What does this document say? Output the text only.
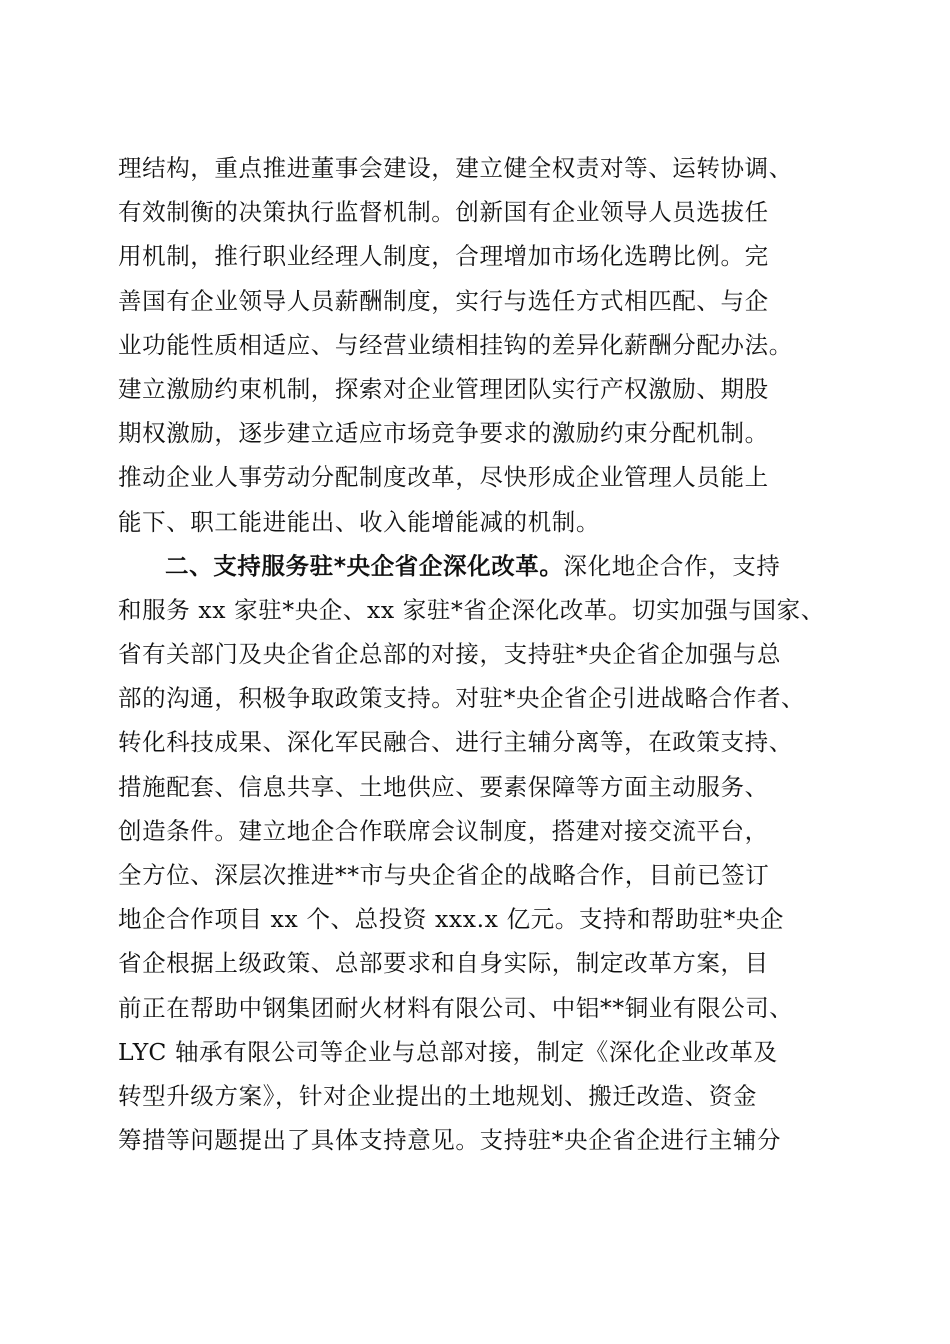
理结构，重点推进董事会建设，建立健全权责对等、运转协调、
有效制衡的决策执行监督机制。创新国有企业领导人员选拔任
用机制，推行职业经理人制度，合理增加市场化选聘比例。完
善国有企业领导人员薪酬制度，实行与选任方式相匹配、与企
业功能性质相适应、与经营业绩相挂钩的差异化薪酬分配办法。
建立激励约束机制，探索对企业管理团队实行产权激励、期股
期权激励，逐步建立适应市场竞争要求的激励约束分配机制。
推动企业人事劳动分配制度改革，尽快形成企业管理人员能上
能下、职工能进能出、收入能增能减的机制。
二、支持服务驻*央企省企深化改革。深化地企合作，支持
和服务 xx 家驻*央企、xx 家驻*省企深化改革。切实加强与国家、
省有关部门及央企省企总部的对接，支持驻*央企省企加强与总
部的沟通，积极争取政策支持。对驻*央企省企引进战略合作者、
转化科技成果、深化军民融合、进行主辅分离等，在政策支持、
措施配套、信息共享、土地供应、要素保障等方面主动服务、
创造条件。建立地企合作联席会议制度，搭建对接交流平台，
全方位、深层次推进**市与央企省企的战略合作，目前已签订
地企合作项目 xx 个、总投资 xxx.x 亿元。支持和帮助驻*央企
省企根据上级政策、总部要求和自身实际，制定改革方案，目
前正在帮助中钢集团耐火材料有限公司、中铝**铜业有限公司、
LYC 轴承有限公司等企业与总部对接，制定《深化企业改革及
转型升级方案》，针对企业提出的土地规划、搬迁改造、资金
筹措等问题提出了具体支持意见。支持驻*央企省企进行主辅分
